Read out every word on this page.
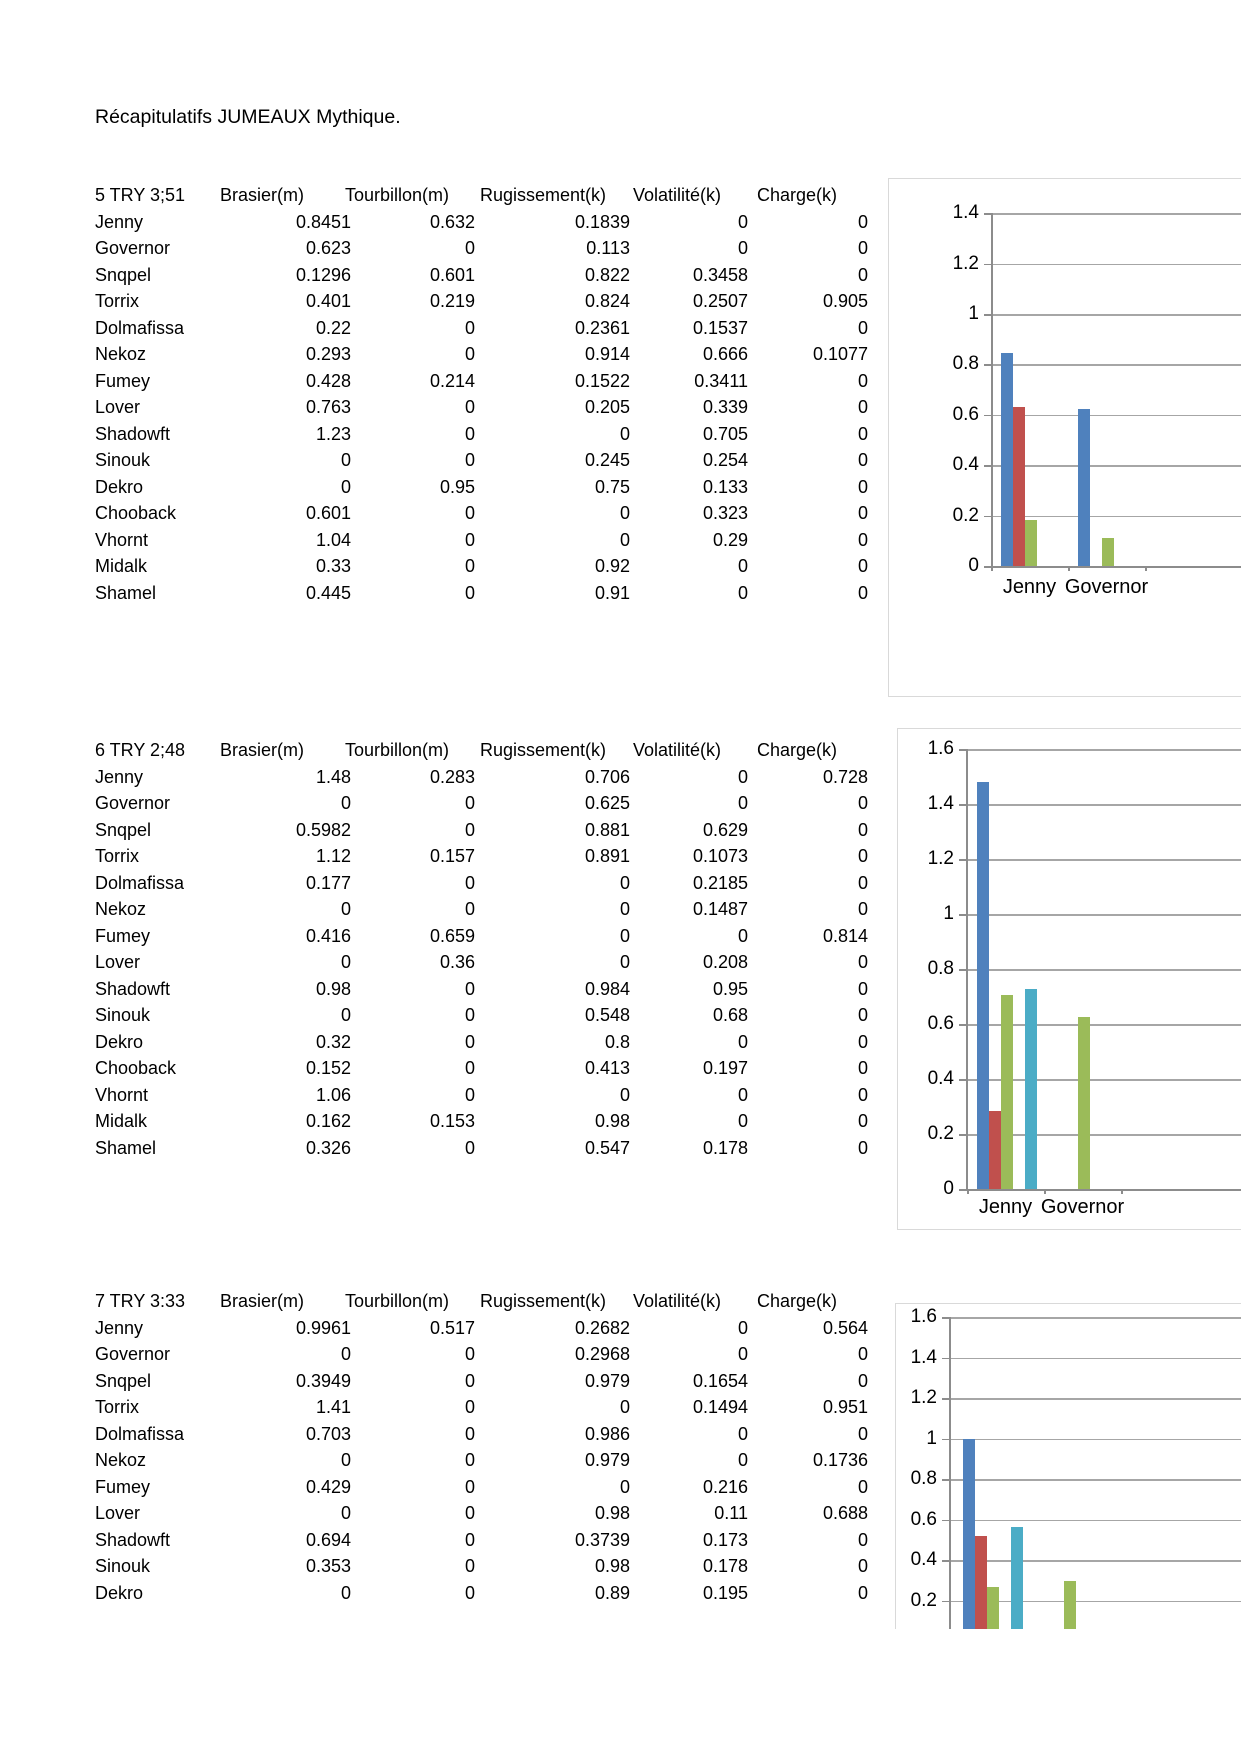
Récapitulatifs JUMEAUX Mythique.
5 TRY 3;51 Brasier(m) Tourbillon(m) Rugissement(k) Volatilité(k) Charge(k)
Jenny	0.8451	0.632	0.1839	0	0
Governor	0.623	0	0.113	0	0
Snqpel	0.1296	0.601	0.822	0.3458	0
Torrix	0.401	0.219	0.824	0.2507	0.905
Dolmafissa	0.22	0	0.2361	0.1537	0
Nekoz	0.293	0	0.914	0.666	0.1077
Fumey	0.428	0.214	0.1522	0.3411	0
Lover	0.763	0	0.205	0.339	0
Shadowft	1.23	0	0	0.705	0
Sinouk	0	0	0.245	0.254	0
Dekro	0	0.95	0.75	0.133	0
Chooback	0.601	0	0	0.323	0
Vhornt	1.04	0	0	0.29	0
Midalk	0.33	0	0.92	0	0
Shamel	0.445	0	0.91	0	0
6 TRY 2;48 Brasier(m) Tourbillon(m) Rugissement(k) Volatilité(k) Charge(k)
Jenny	1.48	0.283	0.706	0	0.728
Governor	0	0	0.625	0	0
Snqpel	0.5982	0	0.881	0.629	0
Torrix	1.12	0.157	0.891	0.1073	0
Dolmafissa	0.177	0	0	0.2185	0
Nekoz	0	0	0	0.1487	0
Fumey	0.416	0.659	0	0	0.814
Lover	0	0.36	0	0.208	0
Shadowft	0.98	0	0.984	0.95	0
Sinouk	0	0	0.548	0.68	0
Dekro	0.32	0	0.8	0	0
Chooback	0.152	0	0.413	0.197	0
Vhornt	1.06	0	0	0	0
Midalk	0.162	0.153	0.98	0	0
Shamel	0.326	0	0.547	0.178	0
7 TRY 3:33 Brasier(m) Tourbillon(m) Rugissement(k) Volatilité(k) Charge(k)
Jenny	0.9961	0.517	0.2682	0	0.564
Governor	0	0	0.2968	0	0
Snqpel	0.3949	0	0.979	0.1654	0
Torrix	1.41	0	0	0.1494	0.951
Dolmafissa	0.703	0	0.986	0	0
Nekoz	0	0	0.979	0	0.1736
Fumey	0.429	0	0	0.216	0
Lover	0	0	0.98	0.11	0.688
Shadowft	0.694	0	0.3739	0.173	0
Sinouk	0.353	0	0.98	0.178	0
Dekro	0	0	0.89	0.195	0
0
0.2
0.4
0.6
0.8
1
1.2
1.4
Jenny Governor
0
0.2
0.4
0.6
0.8
1
1.2
1.4
1.6
Jenny Governor
0.2
0.4
0.6
0.8
1
1.2
1.4
1.6
